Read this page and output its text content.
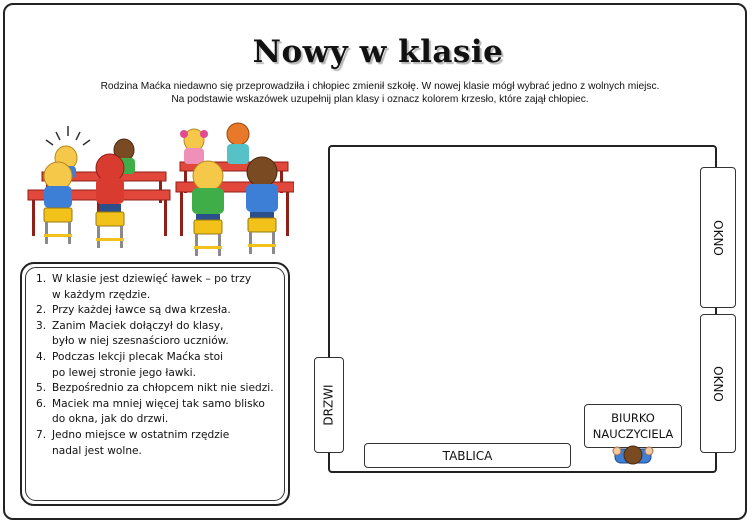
Nowy w klasie
Rodzina Maćka niedawno się przeprowadziła i chłopiec zmienił szkołę. W nowej klasie mógł wybrać jedno z wolnych miejsc.
Na podstawie wskazówek uzupełnij plan klasy i oznacz kolorem krzesło, które zajął chłopiec.
1. W klasie jest dziewięć ławek – po trzy
w każdym rzędzie.
2. Przy każdej ławce są dwa krzesła.
3. Zanim Maciek dołączył do klasy,
było w niej szesnaścioro uczniów.
4. Podczas lekcji plecak Maćka stoi
po lewej stronie jego ławki.
5. Bezpośrednio za chłopcem nikt nie siedzi.
6. Maciek ma mniej więcej tak samo blisko
do okna, jak do drzwi.
7. Jedno miejsce w ostatnim rzędzie
nadal jest wolne.
DRZWI
OKNO
OKNO
TABLICA
BIURKO
NAUCZYCIELA
